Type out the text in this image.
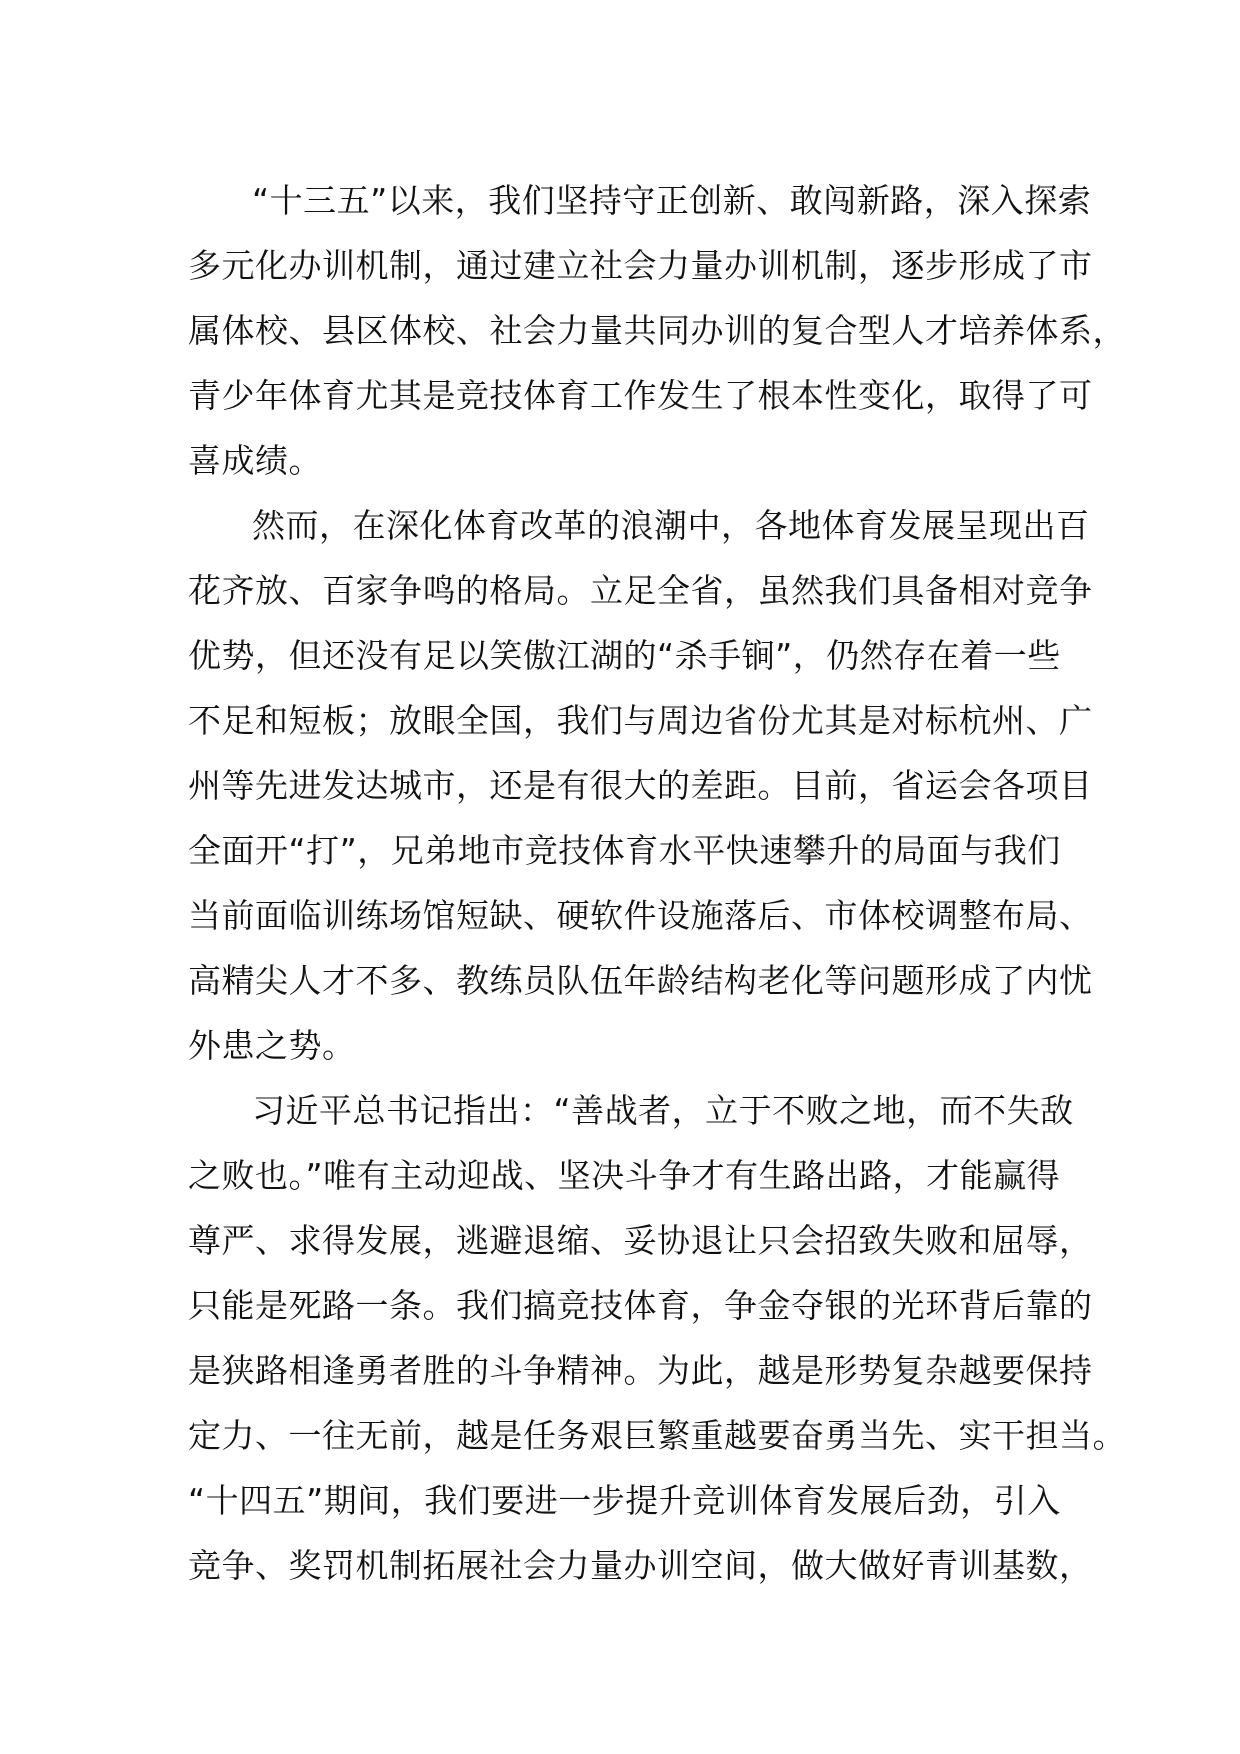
“十三五”以来，我们坚持守正创新、敢闯新路，深入探索
多元化办训机制，通过建立社会力量办训机制，逐步形成了市
属体校、县区体校、社会力量共同办训的复合型人才培养体系，
青少年体育尤其是竞技体育工作发生了根本性变化，取得了可
喜成绩。
然而，在深化体育改革的浪潮中，各地体育发展呈现出百
花齐放、百家争鸣的格局。立足全省，虽然我们具备相对竞争
优势，但还没有足以笑傲江湖的“杀手锏”，仍然存在着一些
不足和短板；放眼全国，我们与周边省份尤其是对标杭州、广
州等先进发达城市，还是有很大的差距。目前，省运会各项目
全面开“打”，兄弟地市竞技体育水平快速攀升的局面与我们
当前面临训练场馆短缺、硬软件设施落后、市体校调整布局、
高精尖人才不多、教练员队伍年龄结构老化等问题形成了内忧
外患之势。
习近平总书记指出：“善战者，立于不败之地，而不失敌
之败也。”唯有主动迎战、坚决斗争才有生路出路，才能赢得
尊严、求得发展，逃避退缩、妥协退让只会招致失败和屈辱，
只能是死路一条。我们搞竞技体育，争金夺银的光环背后靠的
是狭路相逢勇者胜的斗争精神。为此，越是形势复杂越要保持
定力、一往无前，越是任务艰巨繁重越要奋勇当先、实干担当。
“十四五”期间，我们要进一步提升竞训体育发展后劲，引入
竞争、奖罚机制拓展社会力量办训空间，做大做好青训基数，
